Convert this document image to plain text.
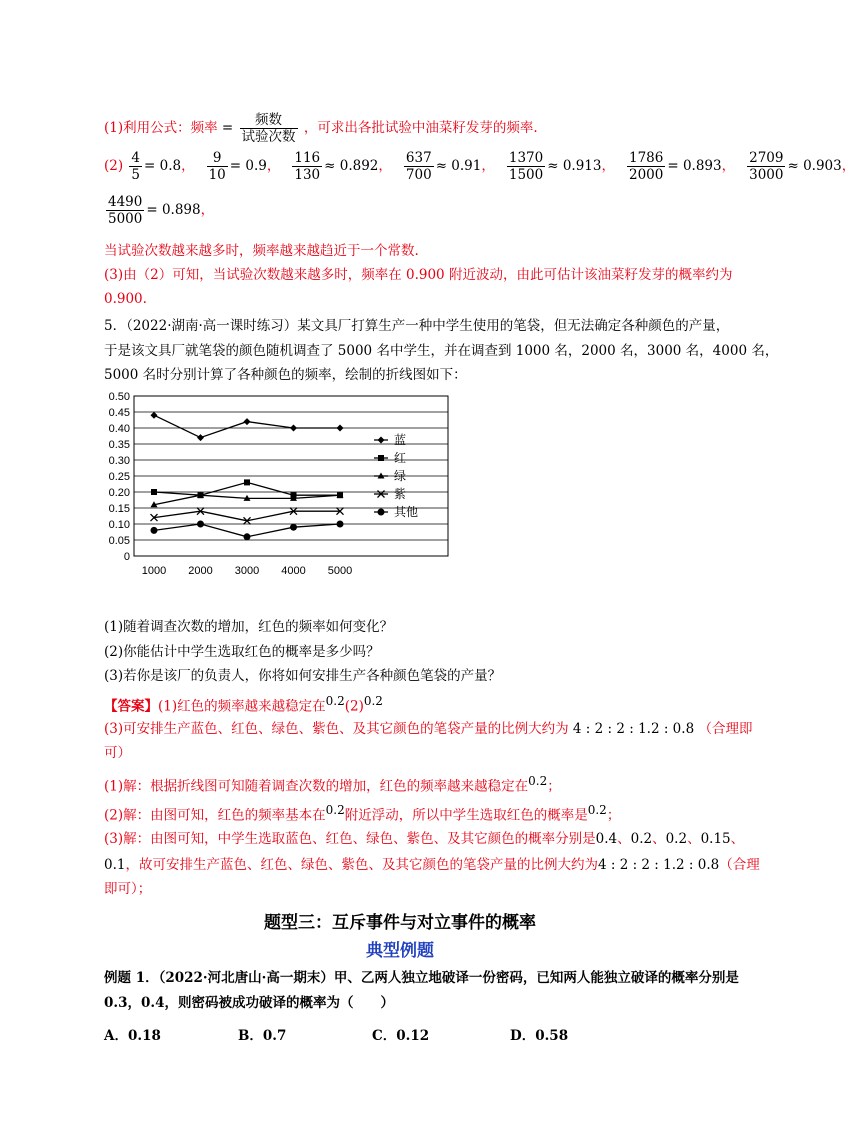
(1)利用公式：频率 = $\frac{\text{频数}}{\text{试验次数}}$ ，可求出各批试验中油菜籽发芽的频率.
$(2) \frac{4}{5} = 0.8$， $\frac{9}{10} = 0.9$， $\frac{116}{130} \approx 0.892$， $\frac{637}{700} \approx 0.91$， $\frac{1370}{1500} \approx 0.913$， $\frac{1786}{2000} = 0.893$， $\frac{2709}{3000} \approx 0.903$，
$\frac{4490}{5000} = 0.898$，
当试验次数越来越多时，频率越来越趋近于一个常数.
(3)由（2）可知，当试验次数越来越多时，频率在 0.900 附近波动，由此可估计该油菜籽发芽的概率约为
0.900.
5．（2022·湖南·高一课时练习）某文具厂打算生产一种中学生使用的笔袋，但无法确定各种颜色的产量，
于是该文具厂就笔袋的颜色随机调查了 5000 名中学生，并在调查到 1000 名，2000 名，3000 名，4000 名，
5000 名时分别计算了各种颜色的频率，绘制的折线图如下：
0
0.05
0.10
0.15
0.20
0.25
0.30
0.35
0.40
0.45
0.50
1000 2000 3000 4000 5000
蓝
红
绿
紫
其他
(1)随着调查次数的增加，红色的频率如何变化？
(2)你能估计中学生选取红色的概率是多少吗？
(3)若你是该厂的负责人，你将如何安排生产各种颜色笔袋的产量？
【答案】(1)红色的频率越来越稳定在0.2(2)0.2
(3)可安排生产蓝色、红色、绿色、紫色、及其它颜色的笔袋产量的比例大约为 4 : 2 : 2 : 1.2 : 0.8 （合理即
可）
(1)解：根据折线图可知随着调查次数的增加，红色的频率越来越稳定在0.2；
(2)解：由图可知，红色的频率基本在0.2附近浮动，所以中学生选取红色的概率是0.2；
(3)解：由图可知，中学生选取蓝色、红色、绿色、紫色、及其它颜色的概率分别是0.4、0.2、0.2、0.15、
0.1，故可安排生产蓝色、红色、绿色、紫色、及其它颜色的笔袋产量的比例大约为4 : 2 : 2 : 1.2 : 0.8（合理
即可）；
题型三：互斥事件与对立事件的概率
典型例题
例题 1．（2022·河北唐山·高一期末）甲、乙两人独立地破译一份密码，已知两人能独立破译的概率分别是
0.3，0.4，则密码被成功破译的概率为（　　）
A．0.18	B．0.7	C．0.12	D．0.58
